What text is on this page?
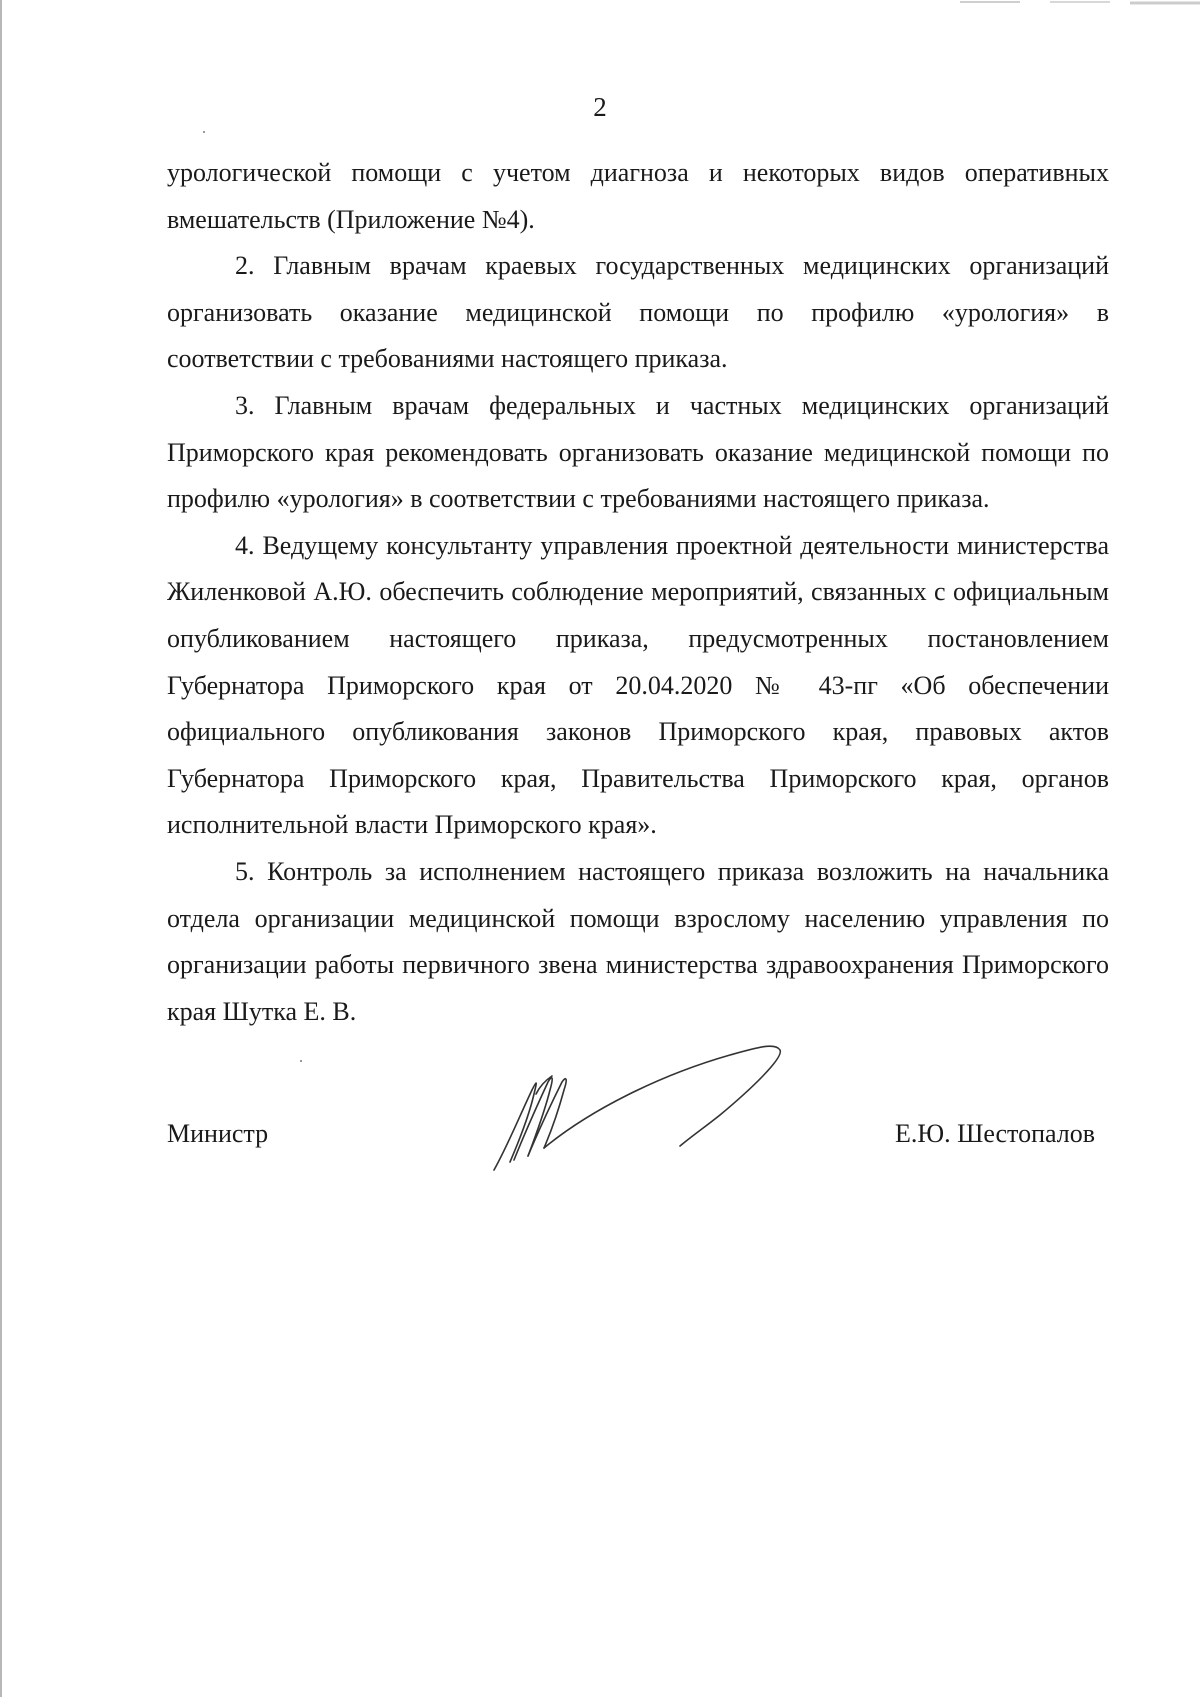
2

урологической помощи с учетом диагноза и некоторых видов оперативных вмешательств (Приложение №4).

2. Главным врачам краевых государственных медицинских организаций организовать оказание медицинской помощи по профилю «урология» в соответствии с требованиями настоящего приказа.

3. Главным врачам федеральных и частных медицинских организаций Приморского края рекомендовать организовать оказание медицинской помощи по профилю «урология» в соответствии с требованиями настоящего приказа.

4. Ведущему консультанту управления проектной деятельности министерства Жиленковой А.Ю. обеспечить соблюдение мероприятий, связанных с официальным опубликованием настоящего приказа, предусмотренных постановлением Губернатора Приморского края от 20.04.2020 № 43-пг «Об обеспечении официального опубликования законов Приморского края, правовых актов Губернатора Приморского края, Правительства Приморского края, органов исполнительной власти Приморского края».

5. Контроль за исполнением настоящего приказа возложить на начальника отдела организации медицинской помощи взрослому населению управления по организации работы первичного звена министерства здравоохранения Приморского края Шутка Е. В.

Министр	Е.Ю. Шестопалов
